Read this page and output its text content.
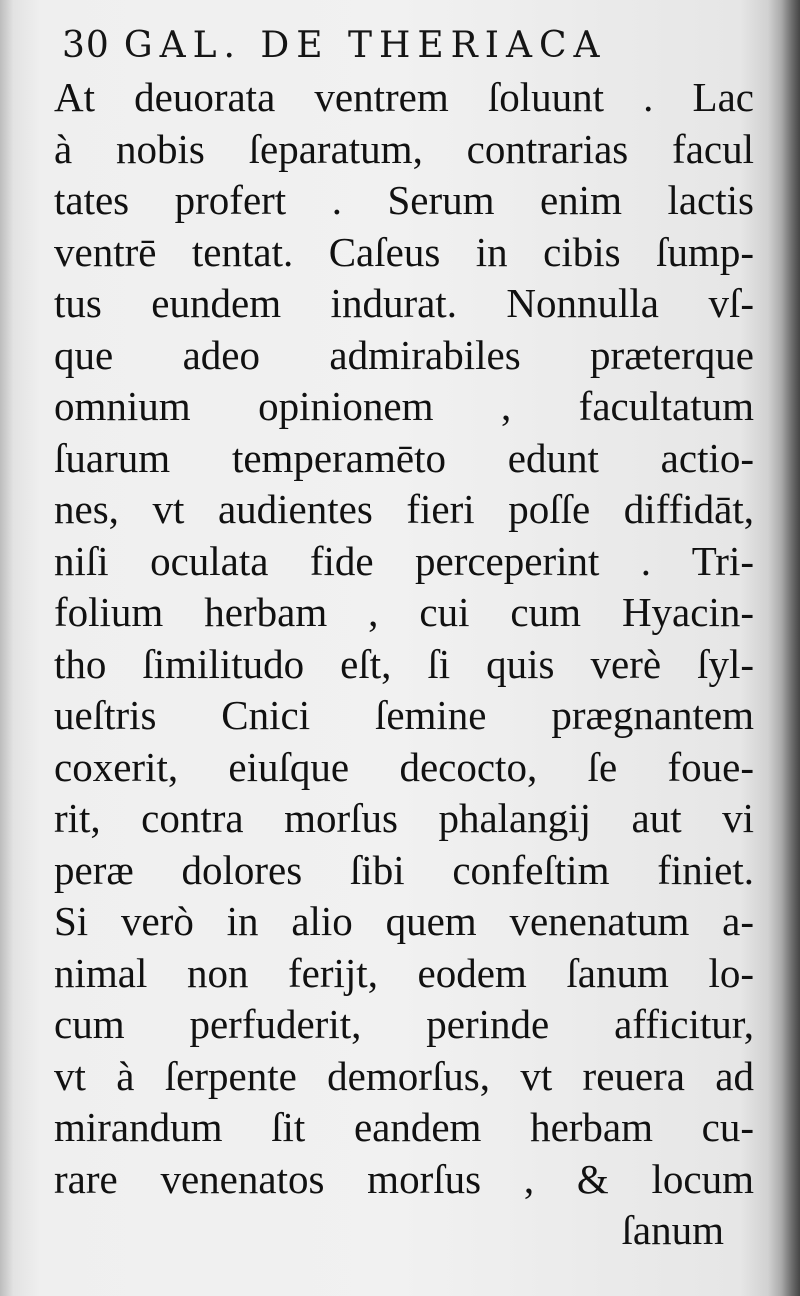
30 GAL. DE THERIACA
At deuorata ventrem ſoluunt . Lac
à nobis ſeparatum, contrarias facul
tates profert . Serum enim lactis
ventrē tentat. Caſeus in cibis ſump-
tus eundem indurat. Nonnulla vſ-
que adeo admirabiles præterque
omnium opinionem , facultatum
ſuarum temperamēto edunt actio-
nes, vt audientes fieri poſſe diffidāt,
niſi oculata fide perceperint . Tri-
folium herbam , cui cum Hyacin-
tho ſimilitudo eſt, ſi quis verè ſyl-
ueſtris Cnici ſemine prægnantem
coxerit, eiuſque decocto, ſe foue-
rit, contra morſus phalangij aut vi
peræ dolores ſibi confeſtim finiet.
Si verò in alio quem venenatum a-
nimal non ferijt, eodem ſanum lo-
cum perfuderit, perinde afficitur,
vt à ſerpente demorſus, vt reuera ad
mirandum ſit eandem herbam cu-
rare venenatos morſus , & locum
ſanum
